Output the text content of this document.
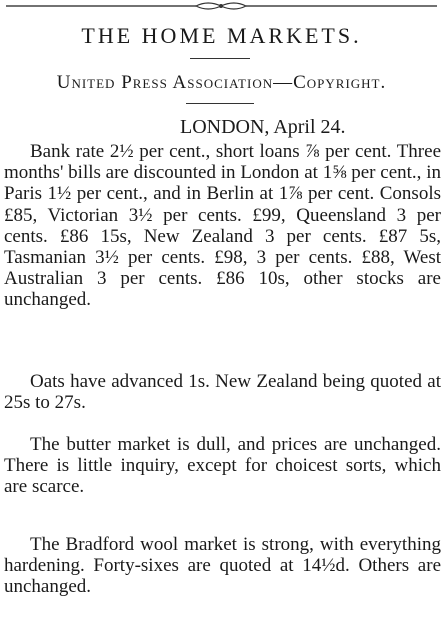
THE HOME MARKETS.
United Press Association—Copyright.
LONDON, April 24.

Bank rate 2½ per cent., short loans ⅞ per cent. Three months' bills are discounted in London at 1⅝ per cent., in Paris 1½ per cent., and in Berlin at 1⅞ per cent. Consols £85, Victorian 3½ per cents. £99, Queensland 3 per cents. £86 15s, New Zealand 3 per cents. £87 5s, Tasmanian 3½ per cents. £98, 3 per cents. £88, West Australian 3 per cents. £86 10s, other stocks are unchanged.

Oats have advanced 1s. New Zealand being quoted at 25s to 27s.

The butter market is dull, and prices are unchanged. There is little inquiry, except for choicest sorts, which are scarce.

The Bradford wool market is strong, with everything hardening. Forty-sixes are quoted at 14½d. Others are unchanged.
